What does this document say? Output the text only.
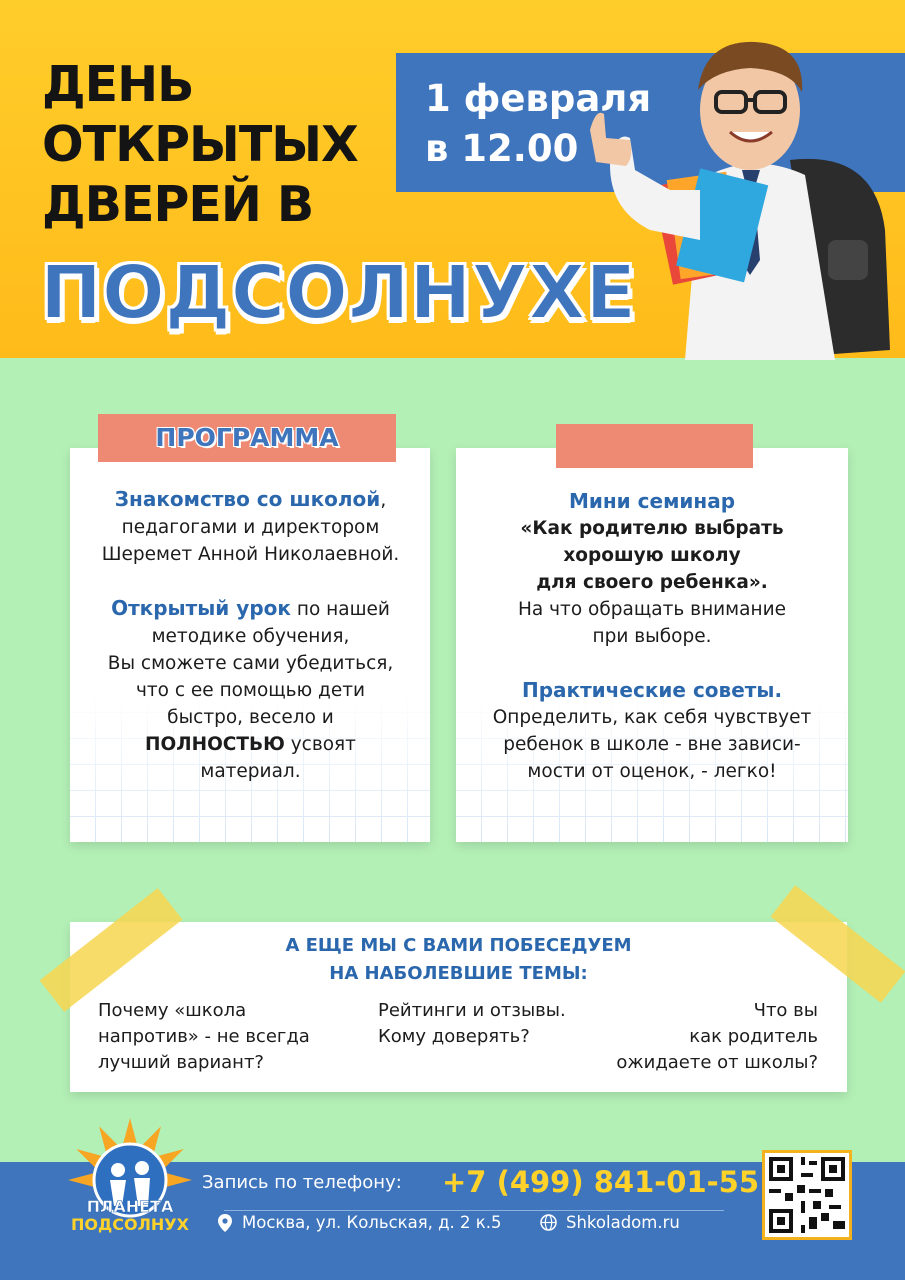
ДЕНЬ
ОТКРЫТЫХ
ДВЕРЕЙ В
ПОДСОЛНУХЕ
1 февраля
в 12.00
ПРОГРАММА
Знакомство со школой,
педагогами и директором
Шеремет Анной Николаевной.
Открытый урок по нашей
методике обучения,
Вы сможете сами убедиться,
что с ее помощью дети
быстро, весело и
ПОЛНОСТЬЮ усвоят
материал.
Мини семинар
«Как родителю выбрать
хорошую школу
для своего ребенка».
На что обращать внимание
при выборе.
Практические советы.
Определить, как себя чувствует
ребенок в школе - вне зависи-
мости от оценок, - легко!
А ЕЩЕ МЫ С ВАМИ ПОБЕСЕДУЕМ
НА НАБОЛЕВШИЕ ТЕМЫ:
Почему «школа
напротив» - не всегда
лучший вариант?
Рейтинги и отзывы.
Кому доверять?
Что вы
как родитель
ожидаете от школы?
ПЛАНЕТА
ПОДСОЛНУХ
Запись по телефону: +7 (499) 841-01-55
Москва, ул. Кольская, д. 2 к.5	Shkoladom.ru
